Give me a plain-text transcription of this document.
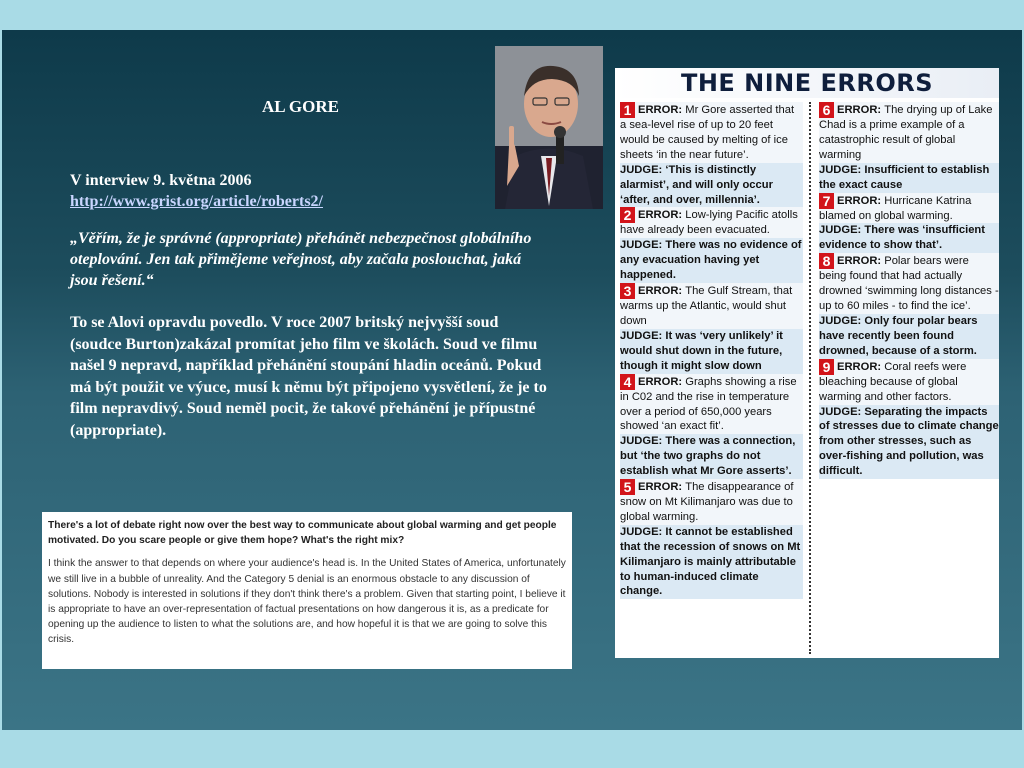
AL GORE
V interview 9. května 2006
http://www.grist.org/article/roberts2/
„Věřím, že je správné (appropriate) přehánět nebezpečnost globálního oteplování. Jen tak přimějeme veřejnost, aby začala poslouchat, jaká jsou řešení.“
To se Alovi opravdu povedlo. V roce 2007 britský nejvyšší soud (soudce Burton)zakázal promítat jeho film ve školách. Soud ve filmu našel 9 nepravd, například přehánění stoupání hladin oceánů. Pokud má být použit ve výuce, musí k němu být připojeno vysvětlení, že je to film nepravdivý. Soud neměl pocit, že takové přehánění je přípustné (appropriate).
There's a lot of debate right now over the best way to communicate about global warming and get people motivated. Do you scare people or give them hope? What's the right mix?
I think the answer to that depends on where your audience's head is. In the United States of America, unfortunately we still live in a bubble of unreality. And the Category 5 denial is an enormous obstacle to any discussion of solutions. Nobody is interested in solutions if they don't think there's a problem. Given that starting point, I believe it is appropriate to have an over-representation of factual presentations on how dangerous it is, as a predicate for opening up the audience to listen to what the solutions are, and how hopeful it is that we are going to solve this crisis.
THE NINE ERRORS
1 ERROR: Mr Gore asserted that a sea-level rise of up to 20 feet would be caused by melting of ice sheets ‘in the near future’.
JUDGE: ‘This is distinctly alarmist’, and will only occur ‘after, and over, millennia’.
2 ERROR: Low-lying Pacific atolls have already been evacuated.
JUDGE: There was no evidence of any evacuation having yet happened.
3 ERROR: The Gulf Stream, that warms up the Atlantic, would shut down
JUDGE: It was ‘very unlikely’ it would shut down in the future, though it might slow down
4 ERROR: Graphs showing a rise in C02 and the rise in temperature over a period of 650,000 years showed ‘an exact fit’.
JUDGE: There was a connection, but ‘the two graphs do not establish what Mr Gore asserts’.
5 ERROR: The disappearance of snow on Mt Kilimanjaro was due to global warming.
JUDGE: It cannot be established that the recession of snows on Mt Kilimanjaro is mainly attributable to human-induced climate change.
6 ERROR: The drying up of Lake Chad is a prime example of a catastrophic result of global warming
JUDGE: Insufficient to establish the exact cause
7 ERROR: Hurricane Katrina blamed on global warming.
JUDGE: There was ‘insufficient evidence to show that’.
8 ERROR: Polar bears were being found that had actually drowned ‘swimming long distances - up to 60 miles - to find the ice’.
JUDGE: Only four polar bears have recently been found drowned, because of a storm.
9 ERROR: Coral reefs were bleaching because of global warming and other factors.
JUDGE: Separating the impacts of stresses due to climate change from other stresses, such as over-fishing and pollution, was difficult.
